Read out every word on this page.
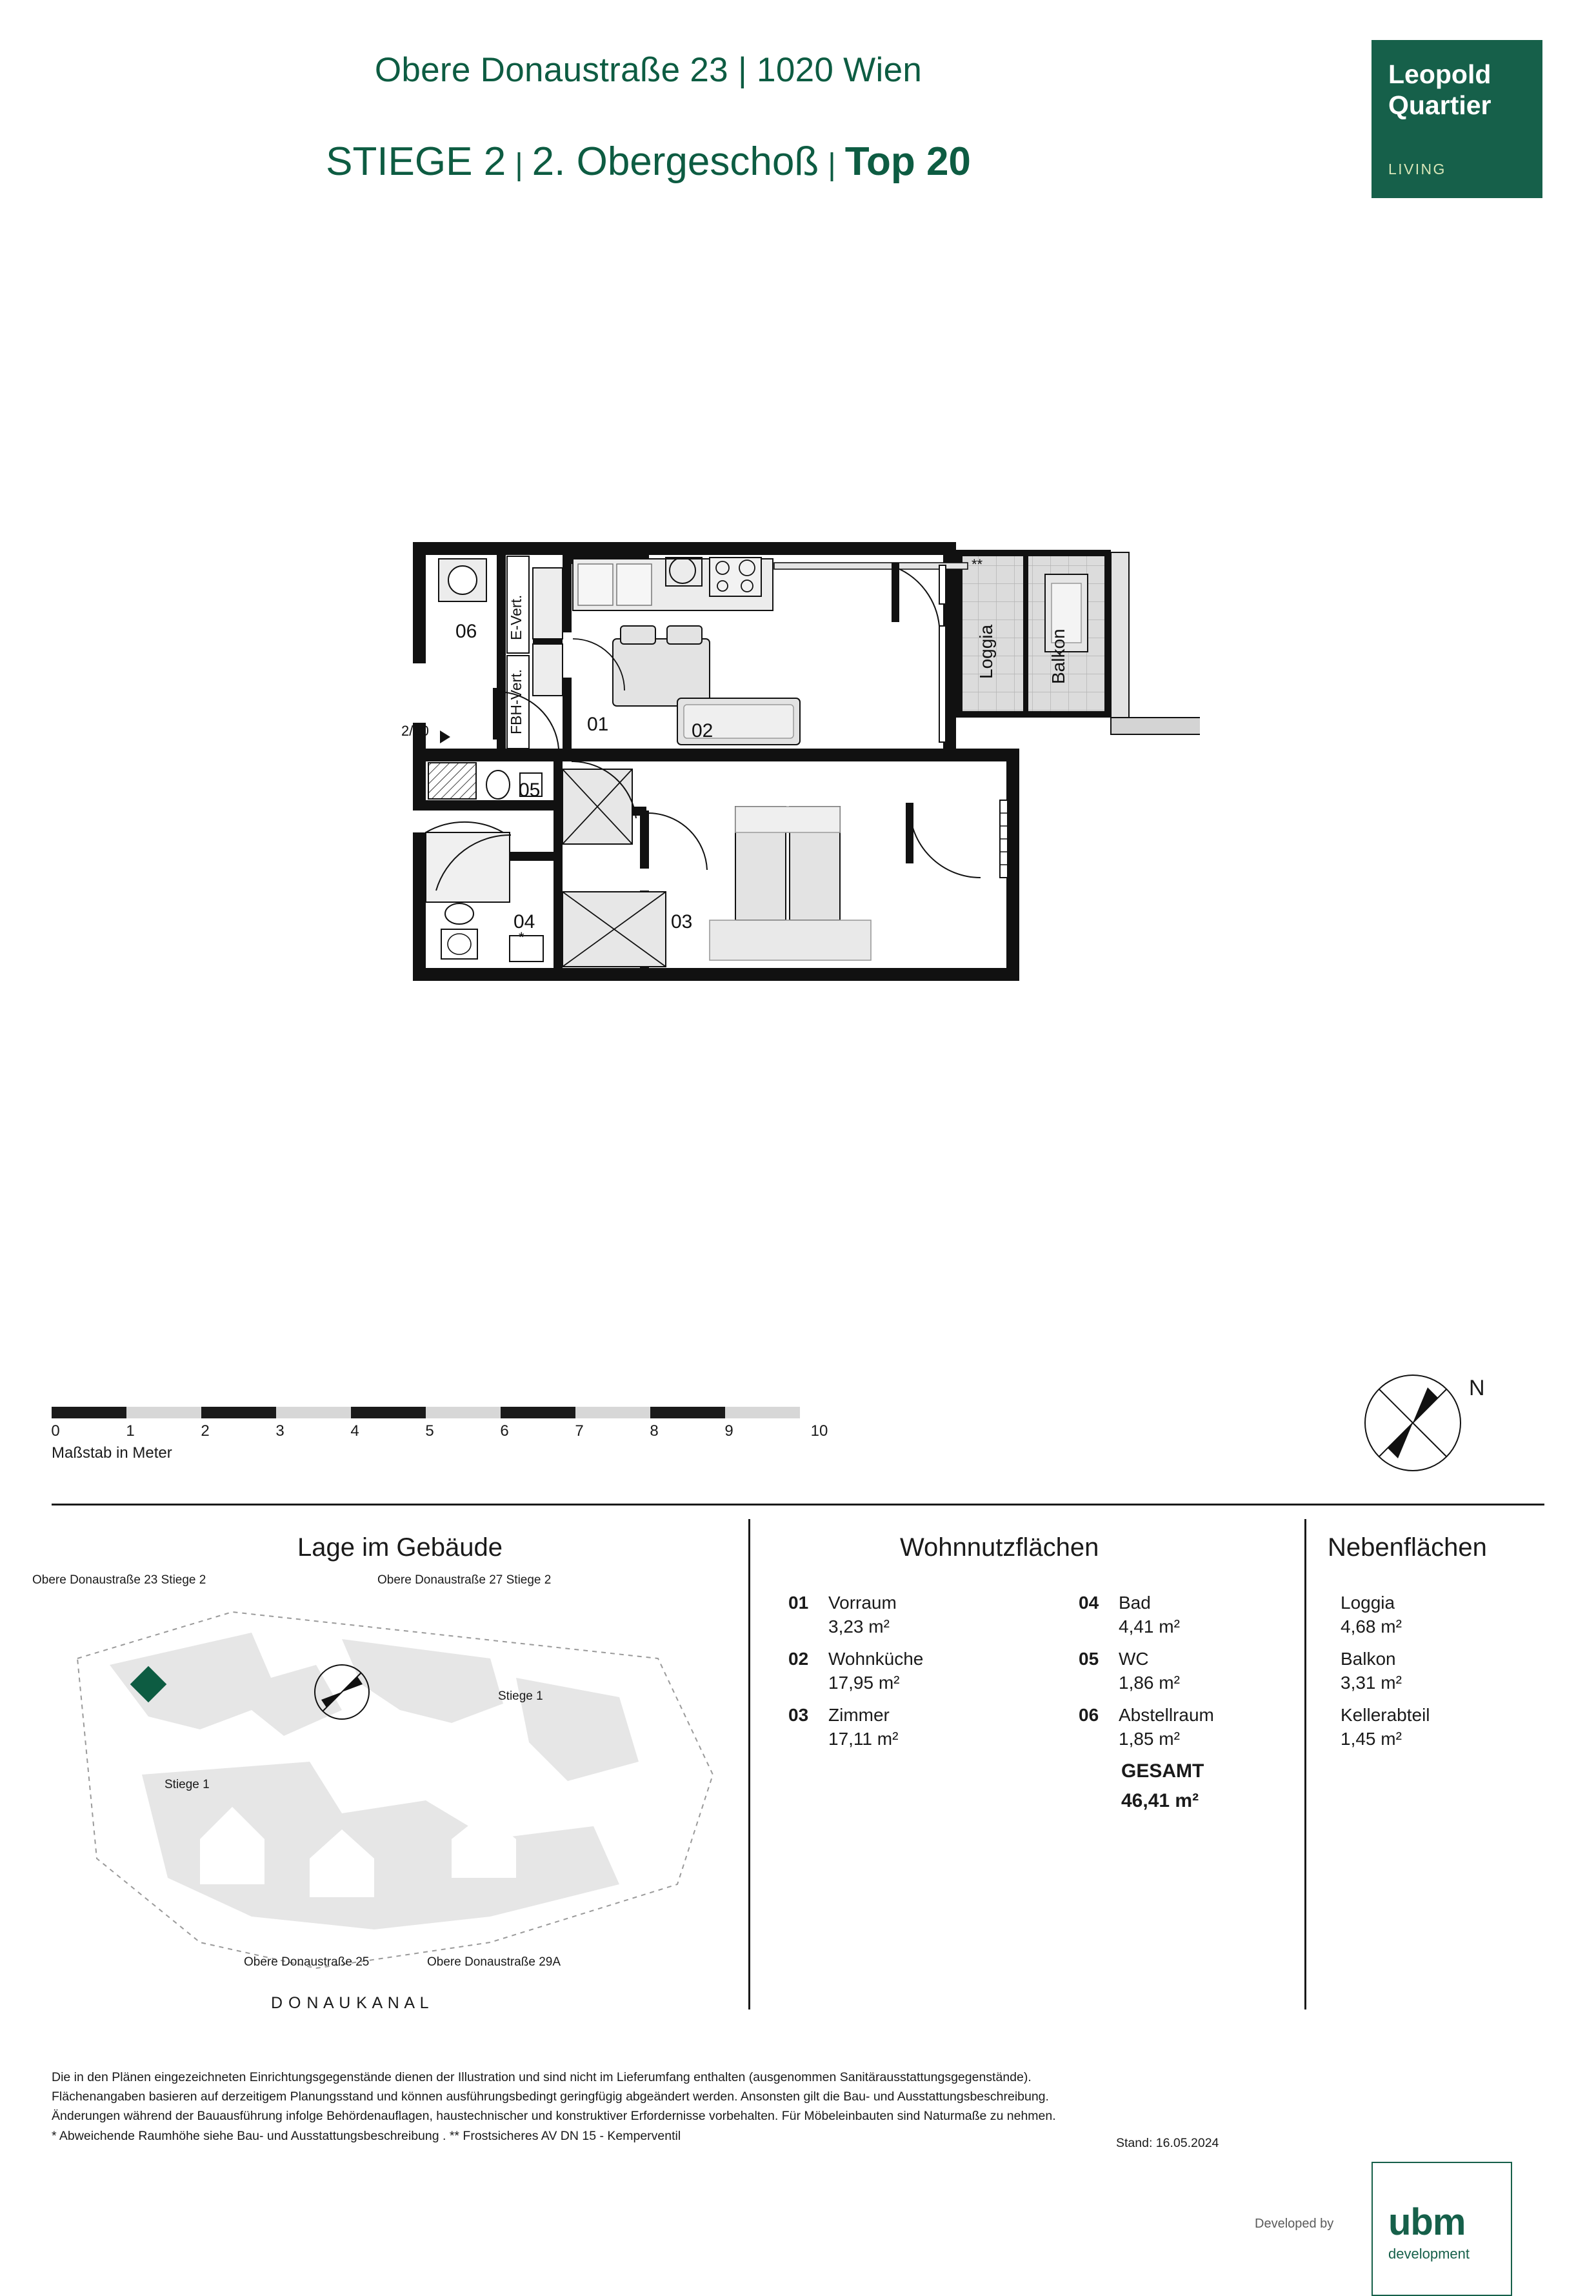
Obere Donaustraße 23 | 1020 Wien
STIEGE 2 | 2. Obergeschoß | Top 20
Leopold
Quartier
LIVING
06
05
01	02
04	03
*
**
Loggia	Balkon
E-Vert.
FBH-Vert.
2/20
0	1	2	3	4	5	6	7	8	9	10
Maßstab in Meter
N
Lage im Gebäude
Obere Donaustraße 23 Stiege 2	Obere Donaustraße 27 Stiege 2
Stiege 1
Stiege 1
Obere Donaustraße 25	Obere Donaustraße 29A
D O N A U K A N A L
Wohnnutzflächen	Nebenflächen
01 Vorraum
3,23 m²
02 Wohnküche
17,95 m²
03 Zimmer
17,11 m²
04 Bad
4,41 m²
05 WC
1,86 m²
06 Abstellraum
1,85 m²
GESAMT
46,41 m²
Loggia
4,68 m²
Balkon
3,31 m²
Kellerabteil
1,45 m²
Die in den Plänen eingezeichneten Einrichtungsgegenstände dienen der Illustration und sind nicht im Lieferumfang enthalten (ausgenommen Sanitärausstattungsgegenstände).
Flächenangaben basieren auf derzeitigem Planungsstand und können ausführungsbedingt geringfügig abgeändert werden. Ansonsten gilt die Bau- und Ausstattungsbeschreibung.
Änderungen während der Bauausführung infolge Behördenauflagen, haustechnischer und konstruktiver Erfordernisse vorbehalten. Für Möbeleinbauten sind Naturmaße zu nehmen.
* Abweichende Raumhöhe siehe Bau- und Ausstattungsbeschreibung . ** Frostsicheres AV DN 15 - Kemperventil
Stand: 16.05.2024
Developed by ubm
development
